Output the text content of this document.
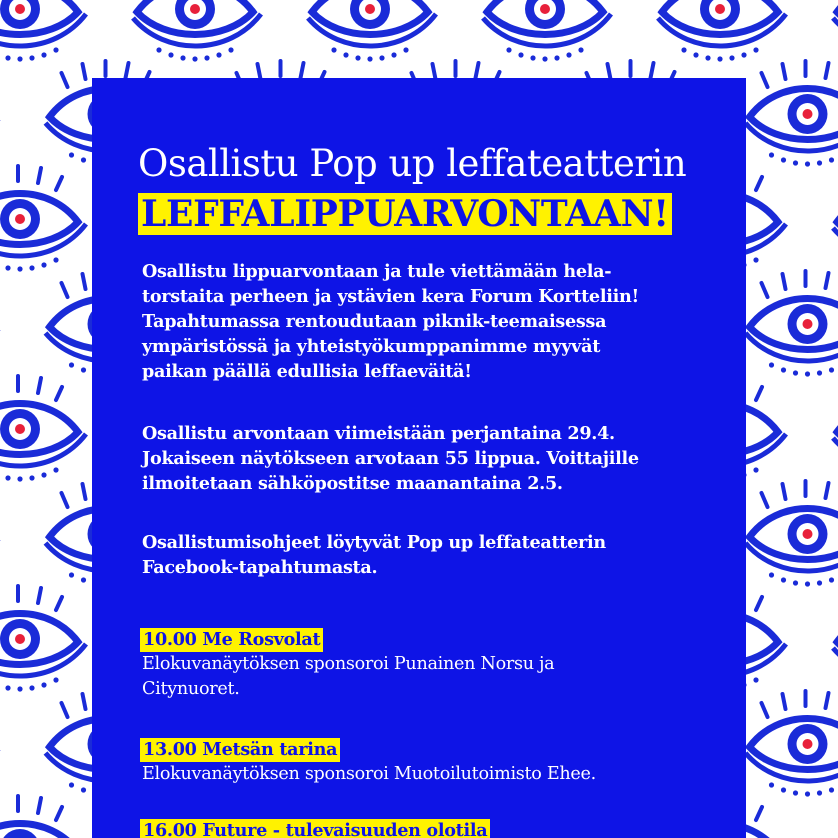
Osallistu Pop up leffateatterin
LEFFALIPPUARVONTAAN!
Osallistu lippuarvontaan ja tule viettämään hela-
torstaita perheen ja ystävien kera Forum Kortteliin!
Tapahtumassa rentoudutaan piknik-teemaisessa
ympäristössä ja yhteistyökumppanimme myyvät
paikan päällä edullisia leffaeväitä!
Osallistu arvontaan viimeistään perjantaina 29.4.
Jokaiseen näytökseen arvotaan 55 lippua. Voittajille
ilmoitetaan sähköpostitse maanantaina 2.5.
Osallistumisohjeet löytyvät Pop up leffateatterin
Facebook-tapahtumasta.
10.00 Me Rosvolat
Elokuvanäytöksen sponsoroi Punainen Norsu ja
Citynuoret.
13.00 Metsän tarina
Elokuvanäytöksen sponsoroi Muotoilutoimisto Ehee.
16.00 Future - tulevaisuuden olotila
